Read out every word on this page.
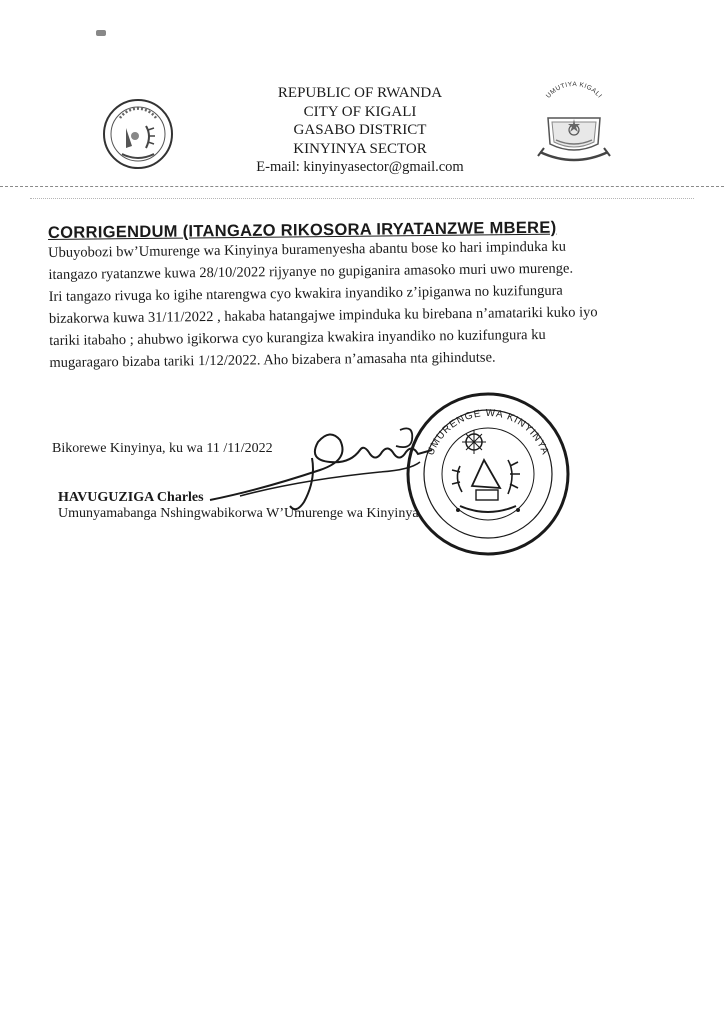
REPUBLIC OF RWANDA
CITY OF KIGALI
GASABO DISTRICT
KINYINYA SECTOR
E-mail: kinyinyasector@gmail.com
UMUTIYA KIGALI
CORRIGENDUM (ITANGAZO RIKOSORA IRYATANZWE MBERE)

Ubuyobozi bw’Umurenge wa Kinyinya buramenyesha abantu bose ko hari impinduka ku

itangazo ryatanzwe kuwa 28/10/2022 rijyanye no gupiganira amasoko muri uwo murenge.

Iri tangazo rivuga ko igihe ntarengwa cyo kwakira inyandiko z’ipiganwa no kuzifungura

bizakorwa kuwa 31/11/2022 , hakaba hatangajwe impinduka ku birebana n’amatariki kuko iyo

tariki itabaho ; ahubwo igikorwa cyo kurangiza kwakira inyandiko no kuzifungura ku

mugaragaro bizaba tariki 1/12/2022. Aho bizabera n’amasaha nta gihindutse.

Bikorewe Kinyinya, ku wa 11 /11/2022
HAVUGUZIGA Charles
Umunyamabanga Nshingwabikorwa W’Umurenge wa Kinyinya
UMURENGE WA KINYINYA
